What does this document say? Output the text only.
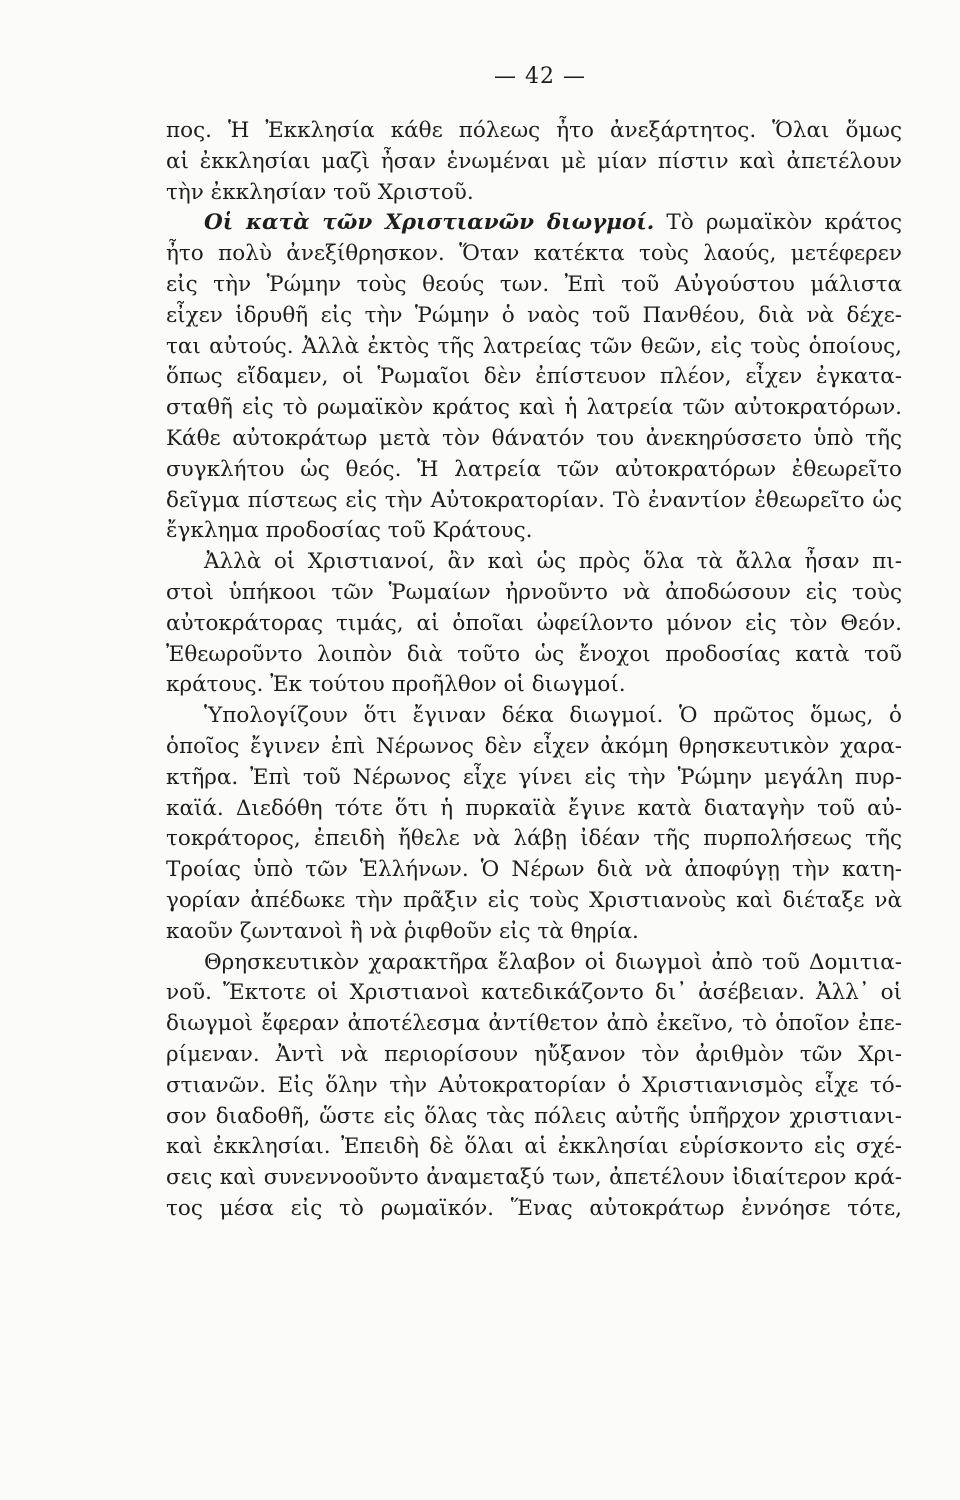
— 42 —
πος. Ἡ Ἐκκλησία κάθε πόλεως ἦτο ἀνεξάρτητος. Ὅλαι ὅμως
αἱ ἐκκλησίαι μαζὶ ἦσαν ἑνωμέναι μὲ μίαν πίστιν καὶ ἀπετέλουν
τὴν ἐκκλησίαν τοῦ Χριστοῦ.
Οἱ κατὰ τῶν Χριστιανῶν διωγμοί. Τὸ ρωμαϊκὸν κράτος
ἦτο πολὺ ἀνεξίθρησκον. Ὅταν κατέκτα τοὺς λαούς, μετέφερεν
εἰς τὴν Ῥώμην τοὺς θεούς των. Ἐπὶ τοῦ Αὐγούστου μάλιστα
εἶχεν ἱδρυθῆ εἰς τὴν Ῥώμην ὁ ναὸς τοῦ Πανθέου, διὰ νὰ δέχε-
ται αὐτούς. Ἀλλὰ ἐκτὸς τῆς λατρείας τῶν θεῶν, εἰς τοὺς ὁποίους,
ὅπως εἴδαμεν, οἱ Ῥωμαῖοι δὲν ἐπίστευον πλέον, εἶχεν ἐγκατα-
σταθῆ εἰς τὸ ρωμαϊκὸν κράτος καὶ ἡ λατρεία τῶν αὐτοκρατόρων.
Κάθε αὐτοκράτωρ μετὰ τὸν θάνατόν του ἀνεκηρύσσετο ὑπὸ τῆς
συγκλήτου ὡς θεός. Ἡ λατρεία τῶν αὐτοκρατόρων ἐθεωρεῖτο
δεῖγμα πίστεως εἰς τὴν Αὐτοκρατορίαν. Τὸ ἐναντίον ἐθεωρεῖτο ὡς
ἔγκλημα προδοσίας τοῦ Κράτους.
Ἀλλὰ οἱ Χριστιανοί, ἂν καὶ ὡς πρὸς ὅλα τὰ ἄλλα ἦσαν πι-
στοὶ ὑπήκοοι τῶν Ῥωμαίων ἠρνοῦντο νὰ ἀποδώσουν εἰς τοὺς
αὐτοκράτορας τιμάς, αἱ ὁποῖαι ὠφείλοντο μόνον εἰς τὸν Θεόν.
Ἐθεωροῦντο λοιπὸν διὰ τοῦτο ὡς ἔνοχοι προδοσίας κατὰ τοῦ
κράτους. Ἐκ τούτου προῆλθον οἱ διωγμοί.
Ὑπολογίζουν ὅτι ἔγιναν δέκα διωγμοί. Ὁ πρῶτος ὅμως, ὁ
ὁποῖος ἔγινεν ἐπὶ Νέρωνος δὲν εἶχεν ἀκόμη θρησκευτικὸν χαρα-
κτῆρα. Ἐπὶ τοῦ Νέρωνος εἶχε γίνει εἰς τὴν Ῥώμην μεγάλη πυρ-
καϊά. Διεδόθη τότε ὅτι ἡ πυρκαϊὰ ἔγινε κατὰ διαταγὴν τοῦ αὐ-
τοκράτορος, ἐπειδὴ ἤθελε νὰ λάβῃ ἰδέαν τῆς πυρπολήσεως τῆς
Τροίας ὑπὸ τῶν Ἑλλήνων. Ὁ Νέρων διὰ νὰ ἀποφύγῃ τὴν κατη-
γορίαν ἀπέδωκε τὴν πρᾶξιν εἰς τοὺς Χριστιανοὺς καὶ διέταξε νὰ
καοῦν ζωντανοὶ ἢ νὰ ῥιφθοῦν εἰς τὰ θηρία.
Θρησκευτικὸν χαρακτῆρα ἔλαβον οἱ διωγμοὶ ἀπὸ τοῦ Δομιτια-
νοῦ. Ἔκτοτε οἱ Χριστιανοὶ κατεδικάζοντο δι᾽ ἀσέβειαν. Ἀλλ᾽ οἱ
διωγμοὶ ἔφεραν ἀποτέλεσμα ἀντίθετον ἀπὸ ἐκεῖνο, τὸ ὁποῖον ἐπε-
ρίμεναν. Ἀντὶ νὰ περιορίσουν ηὔξανον τὸν ἀριθμὸν τῶν Χρι-
στιανῶν. Εἰς ὅλην τὴν Αὐτοκρατορίαν ὁ Χριστιανισμὸς εἶχε τό-
σον διαδοθῆ, ὥστε εἰς ὅλας τὰς πόλεις αὐτῆς ὑπῆρχον χριστιανι-
καὶ ἐκκλησίαι. Ἐπειδὴ δὲ ὅλαι αἱ ἐκκλησίαι εὑρίσκοντο εἰς σχέ-
σεις καὶ συνεννοοῦντο ἀναμεταξύ των, ἀπετέλουν ἰδιαίτερον κρά-
τος μέσα εἰς τὸ ρωμαϊκόν. Ἕνας αὐτοκράτωρ ἐννόησε τότε,
